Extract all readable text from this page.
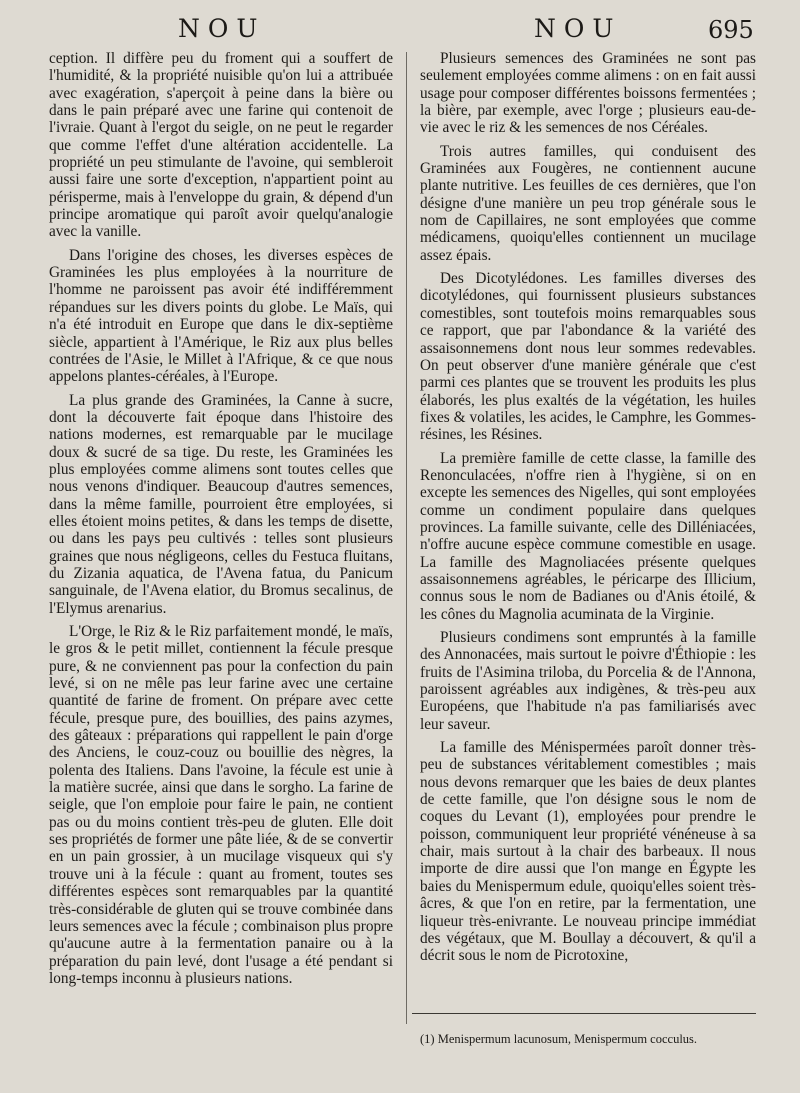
NOU	NOU	695

ception. Il diffère peu du froment qui a souffert de l'humidité, & la propriété nuisible qu'on lui a attribuée avec exagération, s'aperçoit à peine dans la bière ou dans le pain préparé avec une farine qui contenoit de l'ivraie. Quant à l'ergot du seigle, on ne peut le regarder que comme l'effet d'une altération accidentelle. La propriété un peu stimulante de l'avoine, qui sembleroit aussi faire une sorte d'exception, n'appartient point au périsperme, mais à l'enveloppe du grain, & dépend d'un principe aromatique qui paroît avoir quelqu'analogie avec la vanille.

Dans l'origine des choses, les diverses espèces de Graminées les plus employées à la nourriture de l'homme ne paroissent pas avoir été indifféremment répandues sur les divers points du globe. Le Maïs, qui n'a été introduit en Europe que dans le dix-septième siècle, appartient à l'Amérique, le Riz aux plus belles contrées de l'Asie, le Millet à l'Afrique, & ce que nous appelons plantes-céréales, à l'Europe.

La plus grande des Graminées, la Canne à sucre, dont la découverte fait époque dans l'histoire des nations modernes, est remarquable par le mucilage doux & sucré de sa tige. Du reste, les Graminées les plus employées comme alimens sont toutes celles que nous venons d'indiquer. Beaucoup d'autres semences, dans la même famille, pourroient être employées, si elles étoient moins petites, & dans les temps de disette, ou dans les pays peu cultivés : telles sont plusieurs graines que nous négligeons, celles du Festuca fluitans, du Zizania aquatica, de l'Avena fatua, du Panicum sanguinale, de l'Avena elatior, du Bromus secalinus, de l'Elymus arenarius.

L'Orge, le Riz & le Riz parfaitement mondé, le maïs, le gros & le petit millet, contiennent la fécule presque pure, & ne conviennent pas pour la confection du pain levé, si on ne mêle pas leur farine avec une certaine quantité de farine de froment. On prépare avec cette fécule, presque pure, des bouillies, des pains azymes, des gâteaux : préparations qui rappellent le pain d'orge des Anciens, le couz-couz ou bouillie des nègres, la polenta des Italiens. Dans l'avoine, la fécule est unie à la matière sucrée, ainsi que dans le sorgho. La farine de seigle, que l'on emploie pour faire le pain, ne contient pas ou du moins contient très-peu de gluten. Elle doit ses propriétés de former une pâte liée, & de se convertir en un pain grossier, à un mucilage visqueux qui s'y trouve uni à la fécule : quant au froment, toutes ses différentes espèces sont remarquables par la quantité très-considérable de gluten qui se trouve combinée dans leurs semences avec la fécule ; combinaison plus propre qu'aucune autre à la fermentation panaire ou à la préparation du pain levé, dont l'usage a été pendant si long-temps inconnu à plusieurs nations.

Plusieurs semences des Graminées ne sont pas seulement employées comme alimens : on en fait aussi usage pour composer différentes boissons fermentées ; la bière, par exemple, avec l'orge ; plusieurs eau-de-vie avec le riz & les semences de nos Céréales.

Trois autres familles, qui conduisent des Graminées aux Fougères, ne contiennent aucune plante nutritive. Les feuilles de ces dernières, que l'on désigne d'une manière un peu trop générale sous le nom de Capillaires, ne sont employées que comme médicamens, quoiqu'elles contiennent un mucilage assez épais.

Des Dicotylédones. Les familles diverses des dicotylédones, qui fournissent plusieurs substances comestibles, sont toutefois moins remarquables sous ce rapport, que par l'abondance & la variété des assaisonnemens dont nous leur sommes redevables. On peut observer d'une manière générale que c'est parmi ces plantes que se trouvent les produits les plus élaborés, les plus exaltés de la végétation, les huiles fixes & volatiles, les acides, le Camphre, les Gommes-résines, les Résines.

La première famille de cette classe, la famille des Renonculacées, n'offre rien à l'hygiène, si on en excepte les semences des Nigelles, qui sont employées comme un condiment populaire dans quelques provinces. La famille suivante, celle des Dilléniacées, n'offre aucune espèce commune comestible en usage. La famille des Magnoliacées présente quelques assaisonnemens agréables, le péricarpe des Illicium, connus sous le nom de Badianes ou d'Anis étoilé, & les cônes du Magnolia acuminata de la Virginie.

Plusieurs condimens sont empruntés à la famille des Annonacées, mais surtout le poivre d'Éthiopie : les fruits de l'Asimina triloba, du Porcelia & de l'Annona, paroissent agréables aux indigènes, & très-peu aux Européens, que l'habitude n'a pas familiarisés avec leur saveur.

La famille des Ménispermées paroît donner très-peu de substances véritablement comestibles ; mais nous devons remarquer que les baies de deux plantes de cette famille, que l'on désigne sous le nom de coques du Levant (1), employées pour prendre le poisson, communiquent leur propriété vénéneuse à sa chair, mais surtout à la chair des barbeaux. Il nous importe de dire aussi que l'on mange en Égypte les baies du Menispermum edule, quoiqu'elles soient très-âcres, & que l'on en retire, par la fermentation, une liqueur très-enivrante. Le nouveau principe immédiat des végétaux, que M. Boullay a découvert, & qu'il a décrit sous le nom de Picrotoxine,

(1) Menispermum lacunosum, Menispermum cocculus.
